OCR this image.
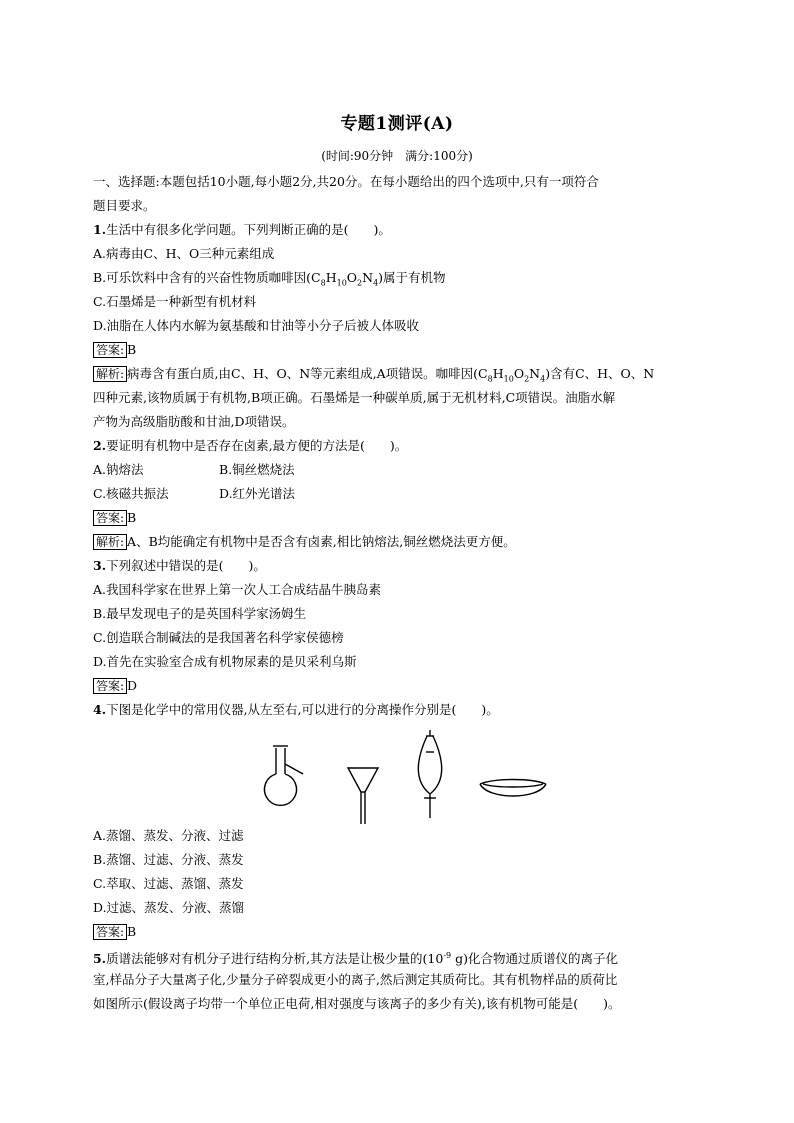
专题1测评(A)
(时间:90分钟　满分:100分)
一、选择题:本题包括10小题,每小题2分,共20分。在每小题给出的四个选项中,只有一项符合
题目要求。
1.生活中有很多化学问题。下列判断正确的是(　　)。
A.病毒由C、H、O三种元素组成
B.可乐饮料中含有的兴奋性物质咖啡因$(C_8H_{10}O_2N_4)$属于有机物
C.石墨烯是一种新型有机材料
D.油脂在人体内水解为氨基酸和甘油等小分子后被人体吸收
答案: B
解析: 病毒含有蛋白质,由C、H、O、N等元素组成,A项错误。咖啡因$(C_8H_{10}O_2N_4)$含有C、H、O、N
四种元素,该物质属于有机物,B项正确。石墨烯是一种碳单质,属于无机材料,C项错误。油脂水解
产物为高级脂肪酸和甘油,D项错误。
2.要证明有机物中是否存在卤素,最方便的方法是(　　)。
A.钠熔法	B.铜丝燃烧法
C.核磁共振法	D.红外光谱法
答案: B
解析: A、B均能确定有机物中是否含有卤素,相比钠熔法,铜丝燃烧法更方便。
3.下列叙述中错误的是(　　)。
A.我国科学家在世界上第一次人工合成结晶牛胰岛素
B.最早发现电子的是英国科学家汤姆生
C.创造联合制碱法的是我国著名科学家侯德榜
D.首先在实验室合成有机物尿素的是贝采利乌斯
答案: D
4.下图是化学中的常用仪器,从左至右,可以进行的分离操作分别是(　　)。
A.蒸馏、蒸发、分液、过滤
B.蒸馏、过滤、分液、蒸发
C.萃取、过滤、蒸馏、蒸发
D.过滤、蒸发、分液、蒸馏
答案: B
5.质谱法能够对有机分子进行结构分析,其方法是让极少量的($10^{-9}$ g)化合物通过质谱仪的离子化
室,样品分子大量离子化,少量分子碎裂成更小的离子,然后测定其质荷比。其有机物样品的质荷比
如图所示(假设离子均带一个单位正电荷,相对强度与该离子的多少有关),该有机物可能是(　　)。
